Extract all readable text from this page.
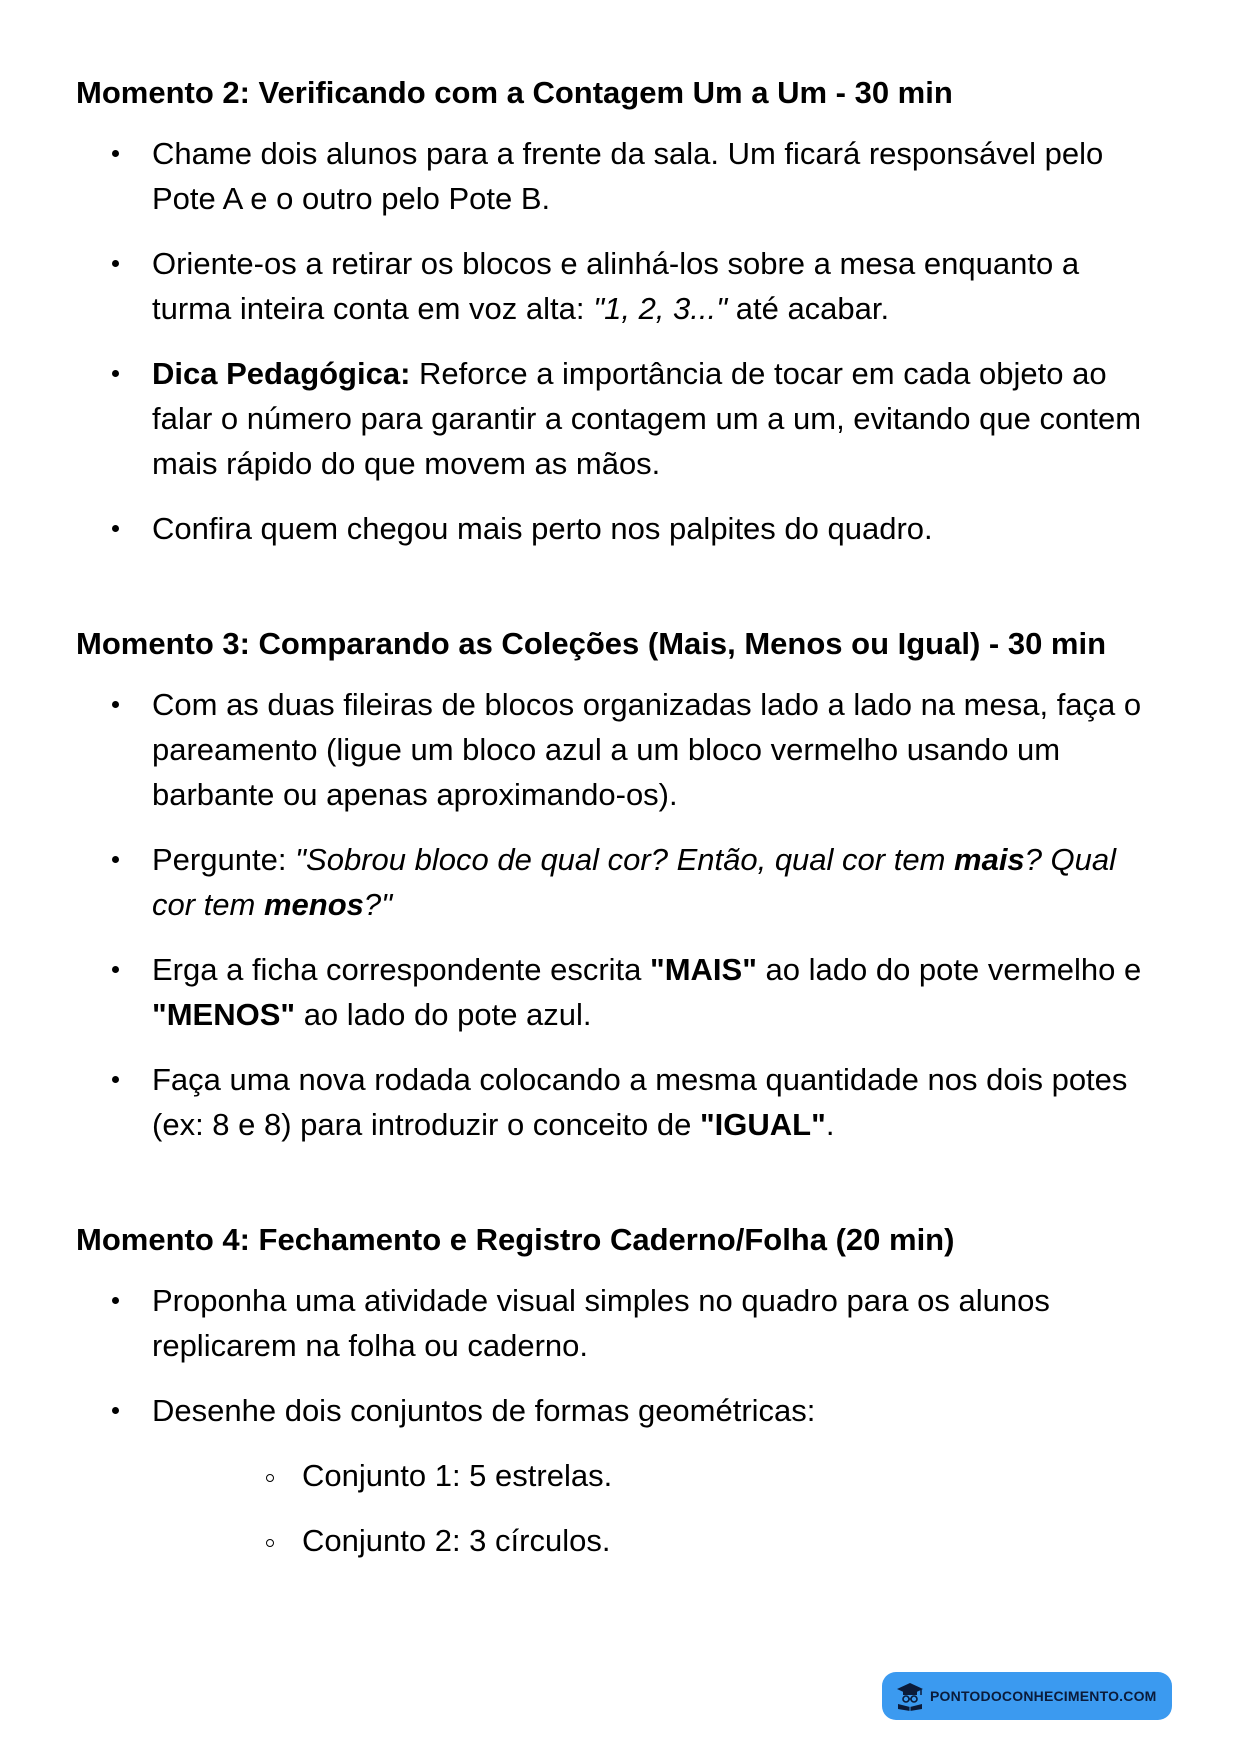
Momento 2: Verificando com a Contagem Um a Um - 30 min
Chame dois alunos para a frente da sala. Um ficará responsável pelo Pote A e o outro pelo Pote B.
Oriente-os a retirar os blocos e alinhá-los sobre a mesa enquanto a turma inteira conta em voz alta: "1, 2, 3..." até acabar.
Dica Pedagógica: Reforce a importância de tocar em cada objeto ao falar o número para garantir a contagem um a um, evitando que contem mais rápido do que movem as mãos.
Confira quem chegou mais perto nos palpites do quadro.
Momento 3: Comparando as Coleções (Mais, Menos ou Igual) - 30 min
Com as duas fileiras de blocos organizadas lado a lado na mesa, faça o pareamento (ligue um bloco azul a um bloco vermelho usando um barbante ou apenas aproximando-os).
Pergunte: "Sobrou bloco de qual cor? Então, qual cor tem mais? Qual cor tem menos?"
Erga a ficha correspondente escrita "MAIS" ao lado do pote vermelho e "MENOS" ao lado do pote azul.
Faça uma nova rodada colocando a mesma quantidade nos dois potes (ex: 8 e 8) para introduzir o conceito de "IGUAL".
Momento 4: Fechamento e Registro Caderno/Folha (20 min)
Proponha uma atividade visual simples no quadro para os alunos replicarem na folha ou caderno.
Desenhe dois conjuntos de formas geométricas:
Conjunto 1: 5 estrelas.
Conjunto 2: 3 círculos.
PONTODOCONHECIMENTO.COM
